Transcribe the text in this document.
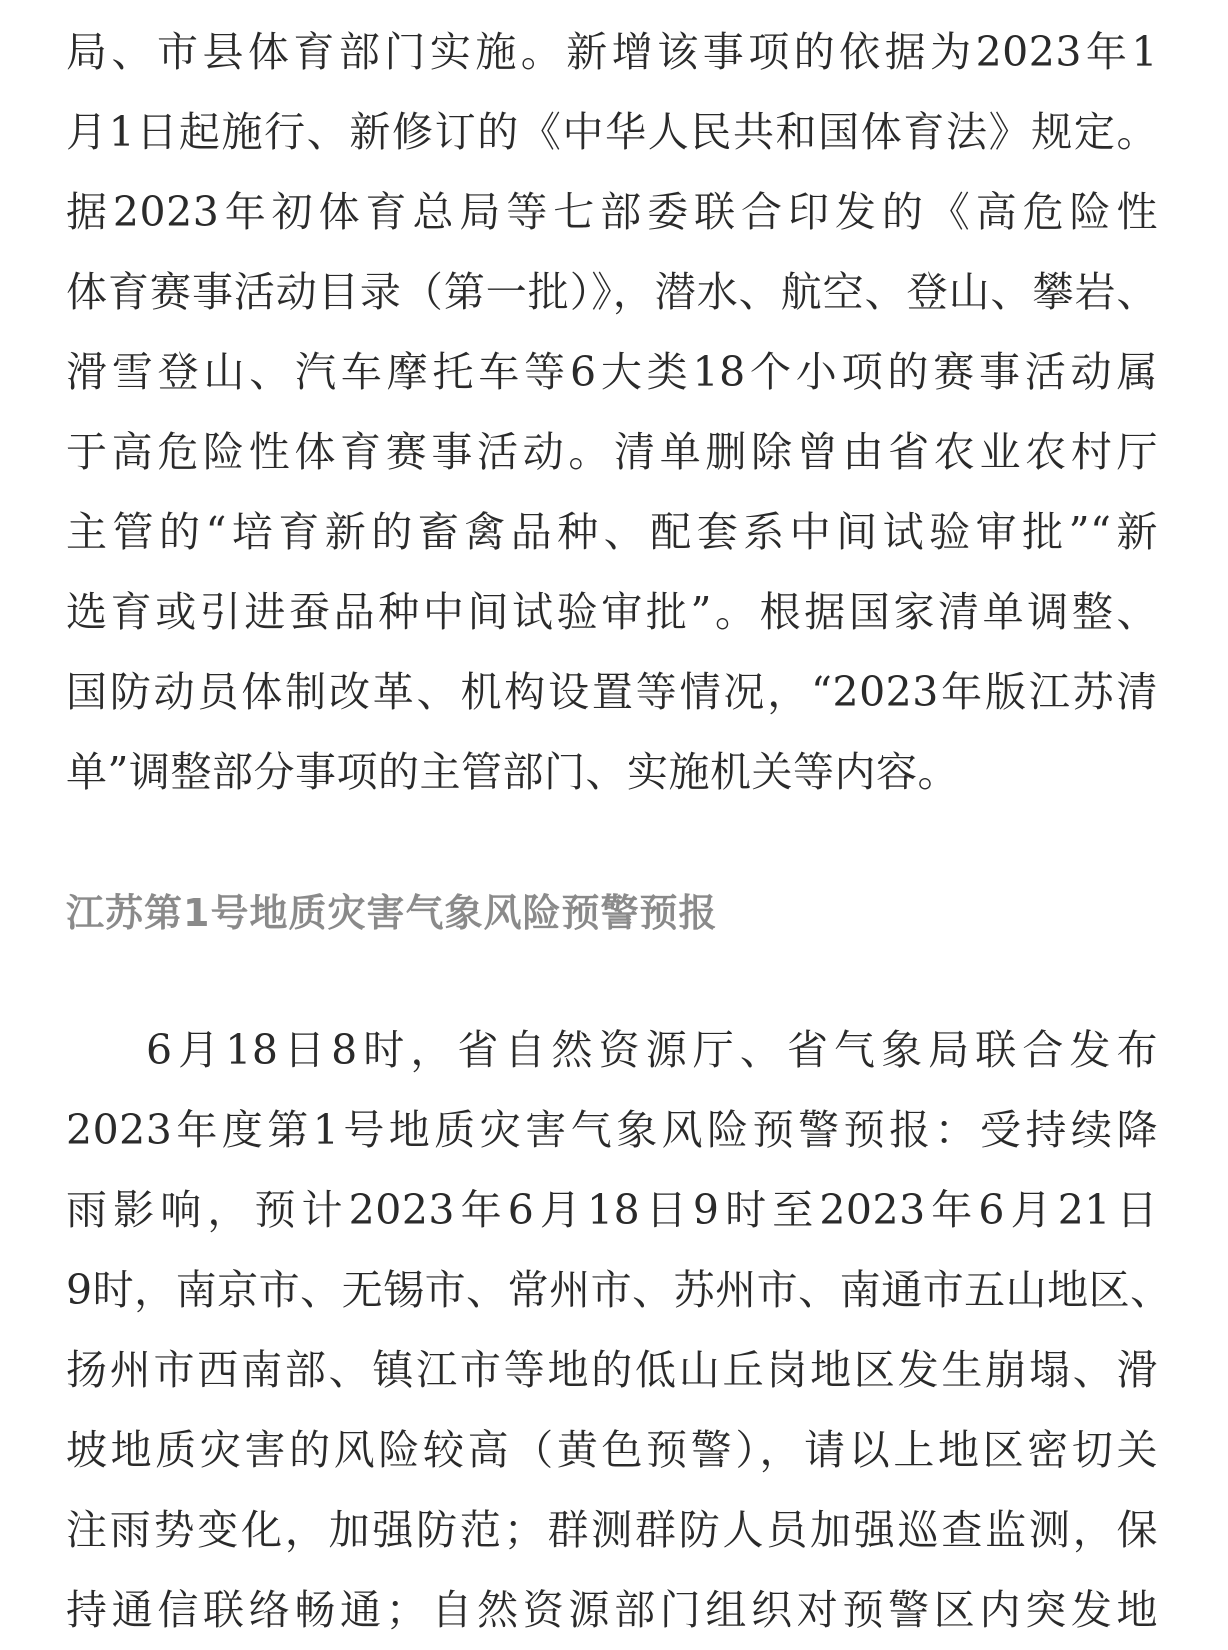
局、市县体育部门实施。新增该事项的依据为2023年1
月1日起施行、新修订的《中华人民共和国体育法》规定。
据2023年初体育总局等七部委联合印发的《高危险性
体育赛事活动目录（第一批）》，潜水、航空、登山、攀岩、
滑雪登山、汽车摩托车等6大类18个小项的赛事活动属
于高危险性体育赛事活动。清单删除曾由省农业农村厅
主管的“培育新的畜禽品种、配套系中间试验审批”“新
选育或引进蚕品种中间试验审批”。根据国家清单调整、
国防动员体制改革、机构设置等情况，“2023年版江苏清
单”调整部分事项的主管部门、实施机关等内容。
江苏第1号地质灾害气象风险预警预报
6月18日8时，省自然资源厅、省气象局联合发布
2023年度第1号地质灾害气象风险预警预报：受持续降
雨影响，预计2023年6月18日9时至2023年6月21日
9时，南京市、无锡市、常州市、苏州市、南通市五山地区、
扬州市西南部、镇江市等地的低山丘岗地区发生崩塌、滑
坡地质灾害的风险较高（黄色预警），请以上地区密切关
注雨势变化，加强防范；群测群防人员加强巡查监测，保
持通信联络畅通；自然资源部门组织对预警区内突发地
